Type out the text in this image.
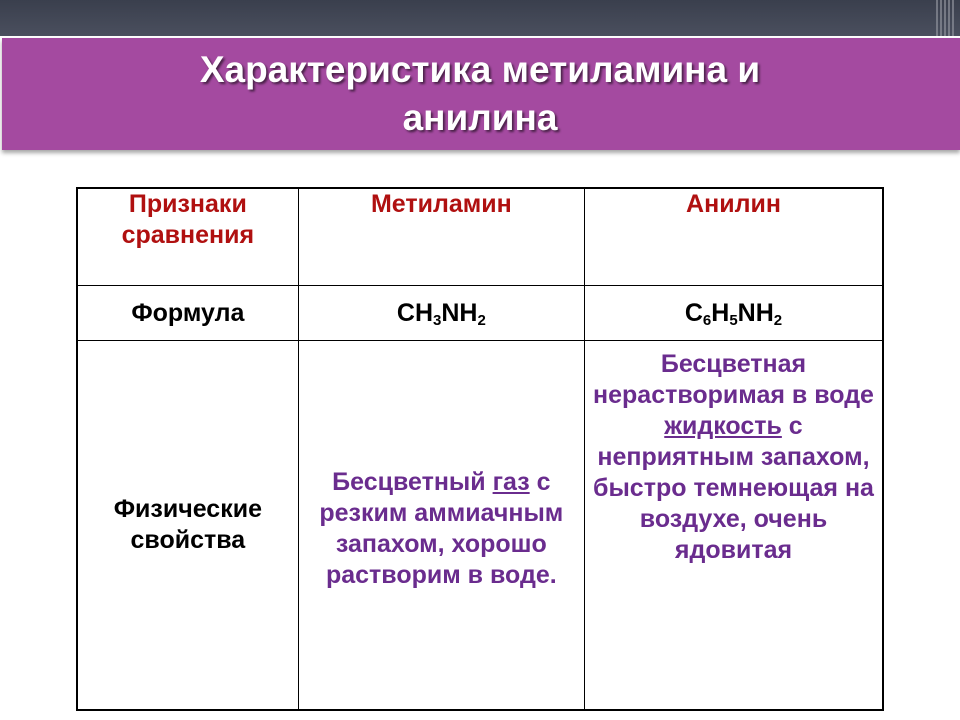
Характеристика метиламина и анилина
Признаки сравнения	Метиламин	Анилин
Формула	$CH_3NH_2$	$C_6H_5NH_2$
Физические свойства	Бесцветный газ с резким аммиачным запахом, хорошо растворим в воде.	Бесцветная нерастворимая в воде жидкость с неприятным запахом, быстро темнеющая на воздухе, очень ядовитая
